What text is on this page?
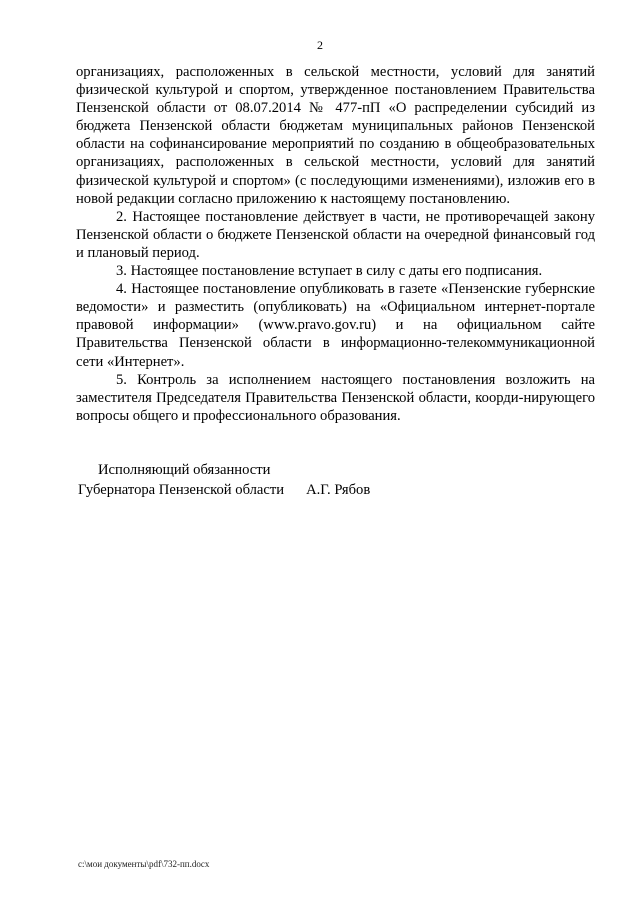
2

организациях, расположенных в сельской местности, условий для занятий физической культурой и спортом, утвержденное постановлением Правительства Пензенской области от 08.07.2014 № 477-пП «О распределении субсидий из бюджета Пензенской области бюджетам муниципальных районов Пензенской области на софинансирование мероприятий по созданию в общеобразовательных организациях, расположенных в сельской местности, условий для занятий физической культурой и спортом» (с последующими изменениями), изложив его в новой редакции согласно приложению к настоящему постановлению.

2. Настоящее постановление действует в части, не противоречащей закону Пензенской области о бюджете Пензенской области на очередной финансовый год и плановый период.

3. Настоящее постановление вступает в силу с даты его подписания.

4. Настоящее постановление опубликовать в газете «Пензенские губернские ведомости» и разместить (опубликовать) на «Официальном интернет-портале правовой информации» (www.pravo.gov.ru) и на официальном сайте Правительства Пензенской области в информационно-телекоммуникационной сети «Интернет».

5. Контроль за исполнением настоящего постановления возложить на заместителя Председателя Правительства Пензенской области, коорди-нирующего вопросы общего и профессионального образования.

Исполняющий обязанности
Губернатора Пензенской области А.Г. Рябов
c:\мои документы\pdf\732-пп.docx
